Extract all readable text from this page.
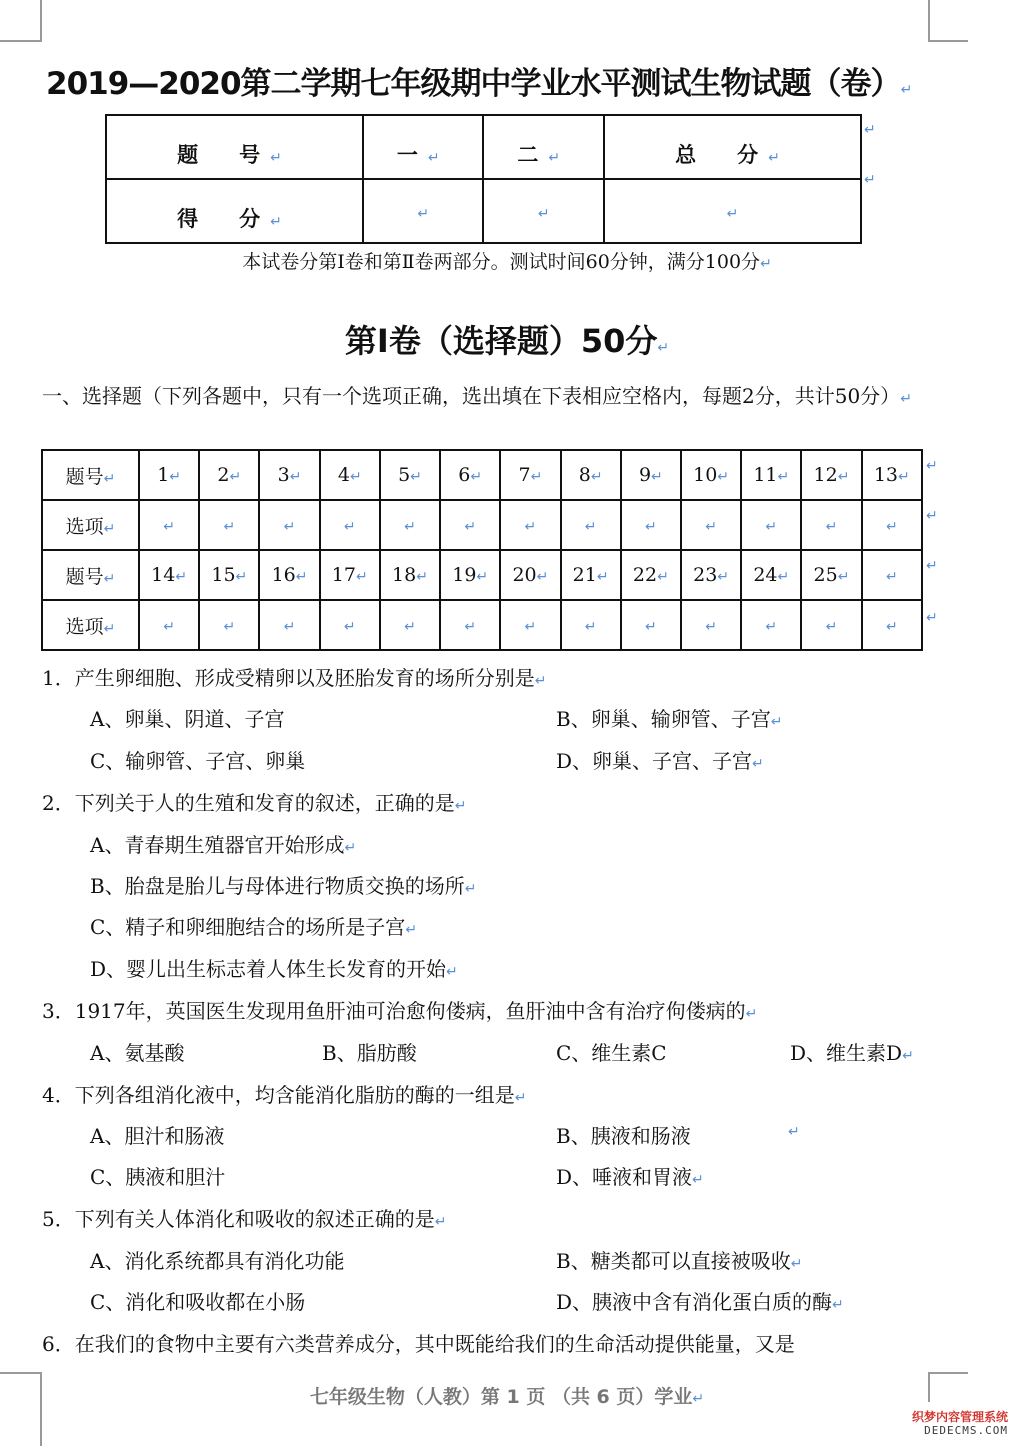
2019—2020第二学期七年级期中学业水平测试生物试题（卷）↵
题　号↵	一↵	二↵	总　分↵
得　分↵	↵	↵	↵
↵
↵
本试卷分第Ⅰ卷和第Ⅱ卷两部分。测试时间60分钟，满分100分↵
第Ⅰ卷（选择题）50分↵
一、选择题（下列各题中，只有一个选项正确，选出填在下表相应空格内，每题2分，共计50分）↵
题号↵	1↵	2↵	3↵	4↵	5↵	6↵	7↵	8↵	9↵	10↵	11↵	12↵	13↵
选项↵	↵	↵	↵	↵	↵	↵	↵	↵	↵	↵	↵	↵	↵
题号↵	14↵	15↵	16↵	17↵	18↵	19↵	20↵	21↵	22↵	23↵	24↵	25↵	↵
选项↵	↵	↵	↵	↵	↵	↵	↵	↵	↵	↵	↵	↵	↵
↵
↵
↵
↵
1．产生卵细胞、形成受精卵以及胚胎发育的场所分别是↵
A、卵巢、阴道、子宫	B、卵巢、输卵管、子宫↵
C、输卵管、子宫、卵巢	D、卵巢、子宫、子宫↵
2．下列关于人的生殖和发育的叙述，正确的是↵
A、青春期生殖器官开始形成↵
B、胎盘是胎儿与母体进行物质交换的场所↵
C、精子和卵细胞结合的场所是子宫↵
D、婴儿出生标志着人体生长发育的开始↵
3．1917年，英国医生发现用鱼肝油可治愈佝偻病，鱼肝油中含有治疗佝偻病的↵
A、氨基酸	B、脂肪酸	C、维生素C	D、维生素D↵
4．下列各组消化液中，均含能消化脂肪的酶的一组是↵
A、胆汁和肠液	B、胰液和肠液	↵
C、胰液和胆汁	D、唾液和胃液↵
5．下列有关人体消化和吸收的叙述正确的是↵
A、消化系统都具有消化功能	B、糖类都可以直接被吸收↵
C、消化和吸收都在小肠	D、胰液中含有消化蛋白质的酶↵
6．在我们的食物中主要有六类营养成分，其中既能给我们的生命活动提供能量，又是
七年级生物（人教）第 1 页 （共 6 页）学业↵
织梦内容管理系统
DEDECMS.COM
